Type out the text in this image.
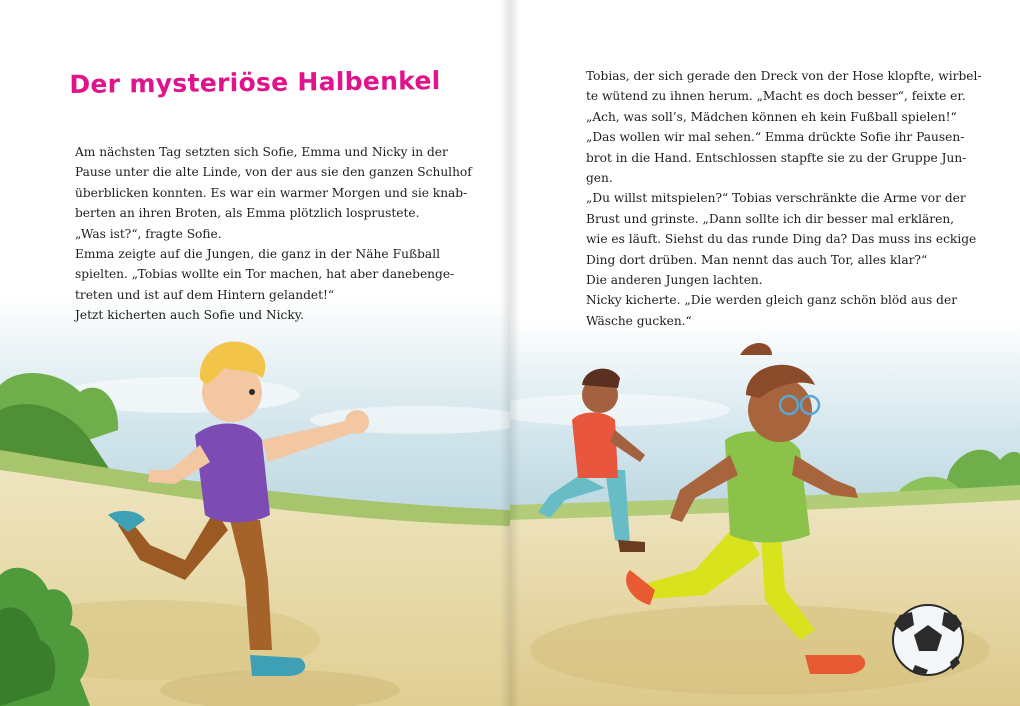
Der mysteriöse Halbenkel
Am nächsten Tag setzten sich Sofie, Emma und Nicky in der
Pause unter die alte Linde, von der aus sie den ganzen Schulhof
überblicken konnten. Es war ein warmer Morgen und sie knab-
berten an ihren Broten, als Emma plötzlich losprustete.
„Was ist?“, fragte Sofie.
Emma zeigte auf die Jungen, die ganz in der Nähe Fußball
spielten. „Tobias wollte ein Tor machen, hat aber danebenge-
treten und ist auf dem Hintern gelandet!“
Jetzt kicherten auch Sofie und Nicky.
Tobias, der sich gerade den Dreck von der Hose klopfte, wirbel-
te wütend zu ihnen herum. „Macht es doch besser“, feixte er.
„Ach, was soll’s, Mädchen können eh kein Fußball spielen!“
„Das wollen wir mal sehen.“ Emma drückte Sofie ihr Pausen-
brot in die Hand. Entschlossen stapfte sie zu der Gruppe Jun-
gen.
„Du willst mitspielen?“ Tobias verschränkte die Arme vor der
Brust und grinste. „Dann sollte ich dir besser mal erklären,
wie es läuft. Siehst du das runde Ding da? Das muss ins eckige
Ding dort drüben. Man nennt das auch Tor, alles klar?“
Die anderen Jungen lachten.
Nicky kicherte. „Die werden gleich ganz schön blöd aus der
Wäsche gucken.“
